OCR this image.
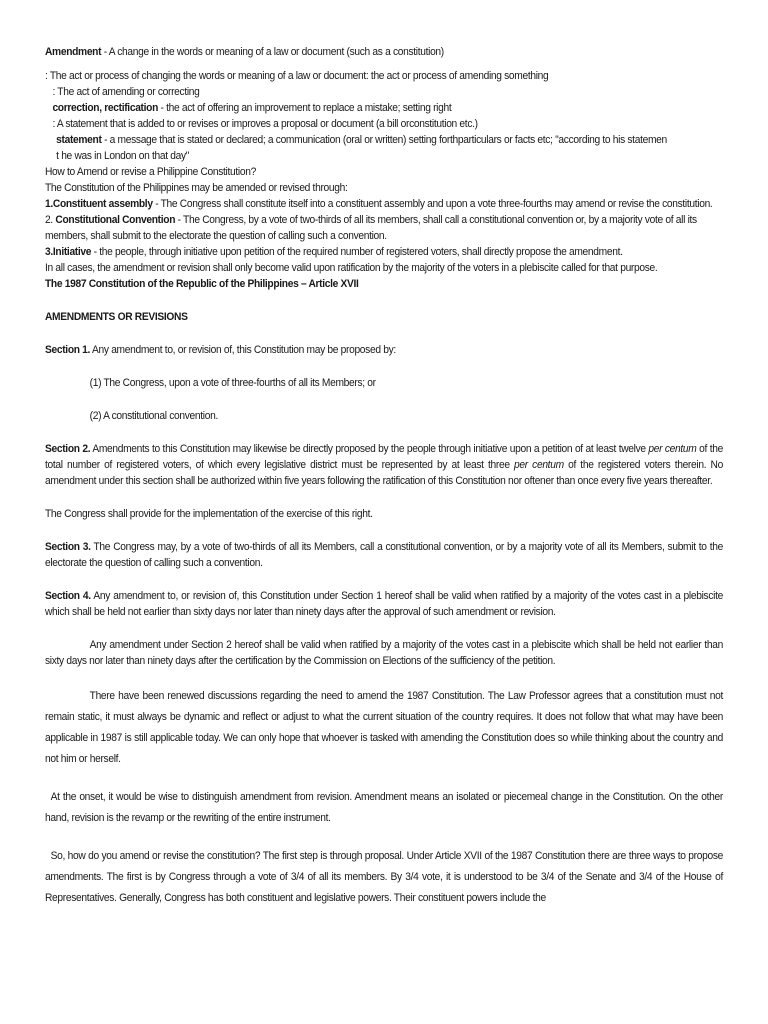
Amendment - A change in the words or meaning of a law or document (such as a constitution)

: The act or process of changing the words or meaning of a law or document: the act or process of amending something

: The act of amending or correcting

correction, rectification - the act of offering an improvement to replace a mistake; setting right

: A statement that is added to or revises or improves a proposal or document (a bill orconstitution etc.)

statement - a message that is stated or declared; a communication (oral or written) setting forthparticulars or facts etc; "according to his statemen

t he was in London on that day"

How to Amend or revise a Philippine Constitution?

The Constitution of the Philippines may be amended or revised through:

1.Constituent assembly - The Congress shall constitute itself into a constituent assembly and upon a vote three-fourths may amend or revise the constitution.

2. Constitutional Convention - The Congress, by a vote of two-thirds of all its members, shall call a constitutional convention or, by a majority vote of all its members, shall submit to the electorate the question of calling such a convention.

3.Initiative - the people, through initiative upon petition of the required number of registered voters, shall directly propose the amendment.

In all cases, the amendment or revision shall only become valid upon ratification by the majority of the voters in a plebiscite called for that purpose.

The 1987 Constitution of the Republic of the Philippines – Article XVII

AMENDMENTS OR REVISIONS

Section 1. Any amendment to, or revision of, this Constitution may be proposed by:

(1) The Congress, upon a vote of three-fourths of all its Members; or

(2) A constitutional convention.

Section 2. Amendments to this Constitution may likewise be directly proposed by the people through initiative upon a petition of at least twelve per centum of the total number of registered voters, of which every legislative district must be represented by at least three per centum of the registered voters therein. No amendment under this section shall be authorized within five years following the ratification of this Constitution nor oftener than once every five years thereafter.

The Congress shall provide for the implementation of the exercise of this right.

Section 3. The Congress may, by a vote of two-thirds of all its Members, call a constitutional convention, or by a majority vote of all its Members, submit to the electorate the question of calling such a convention.

Section 4. Any amendment to, or revision of, this Constitution under Section 1 hereof shall be valid when ratified by a majority of the votes cast in a plebiscite which shall be held not earlier than sixty days nor later than ninety days after the approval of such amendment or revision.

Any amendment under Section 2 hereof shall be valid when ratified by a majority of the votes cast in a plebiscite which shall be held not earlier than sixty days nor later than ninety days after the certification by the Commission on Elections of the sufficiency of the petition.

There have been renewed discussions regarding the need to amend the 1987 Constitution. The Law Professor agrees that a constitution must not remain static, it must always be dynamic and reflect or adjust to what the current situation of the country requires. It does not follow that what may have been applicable in 1987 is still applicable today. We can only hope that whoever is tasked with amending the Constitution does so while thinking about the country and not him or herself.

At the onset, it would be wise to distinguish amendment from revision. Amendment means an isolated or piecemeal change in the Constitution. On the other hand, revision is the revamp or the rewriting of the entire instrument.

So, how do you amend or revise the constitution? The first step is through proposal. Under Article XVII of the 1987 Constitution there are three ways to propose amendments. The first is by Congress through a vote of 3/4 of all its members. By 3/4 vote, it is understood to be 3/4 of the Senate and 3/4 of the House of Representatives. Generally, Congress has both constituent and legislative powers. Their constituent powers include the
